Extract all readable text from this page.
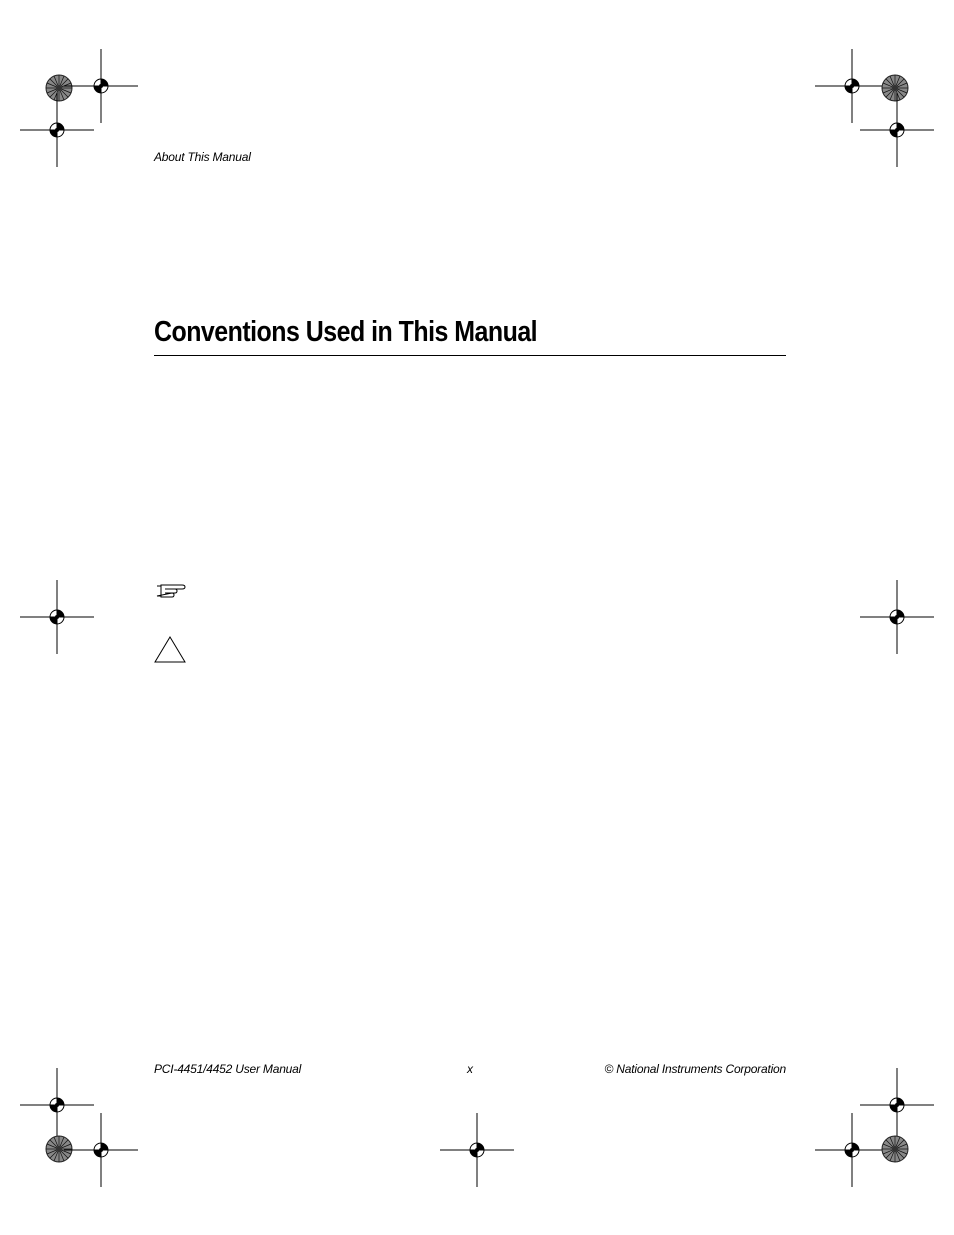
About This Manual
Conventions Used in This Manual
PCI-4451/4452 User Manual	x	© National Instruments Corporation
